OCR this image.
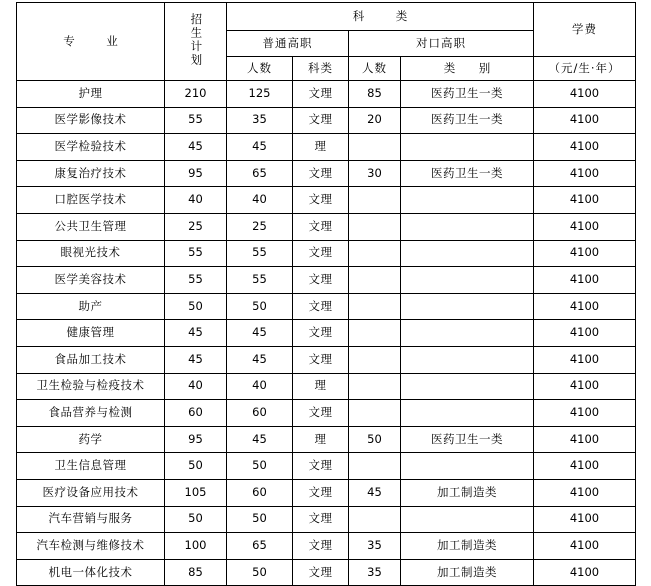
专　业	招生计划	科　类				学费

		普通高职		对口高职		
		人数	科类	人数	类　别	（元/生·年）
护理	210	125	文理	85	医药卫生一类	4100
医学影像技术	55	35	文理	20	医药卫生一类	4100
医学检验技术	45	45	理			4100
康复治疗技术	95	65	文理	30	医药卫生一类	4100
口腔医学技术	40	40	文理			4100
公共卫生管理	25	25	文理			4100
眼视光技术	55	55	文理			4100
医学美容技术	55	55	文理			4100
助产	50	50	文理			4100
健康管理	45	45	文理			4100
食品加工技术	45	45	文理			4100
卫生检验与检疫技术	40	40	理			4100
食品营养与检测	60	60	文理			4100
药学	95	45	理	50	医药卫生一类	4100
卫生信息管理	50	50	文理			4100
医疗设备应用技术	105	60	文理	45	加工制造类	4100
汽车营销与服务	50	50	文理			4100
汽车检测与维修技术	100	65	文理	35	加工制造类	4100
机电一体化技术	85	50	文理	35	加工制造类	4100
